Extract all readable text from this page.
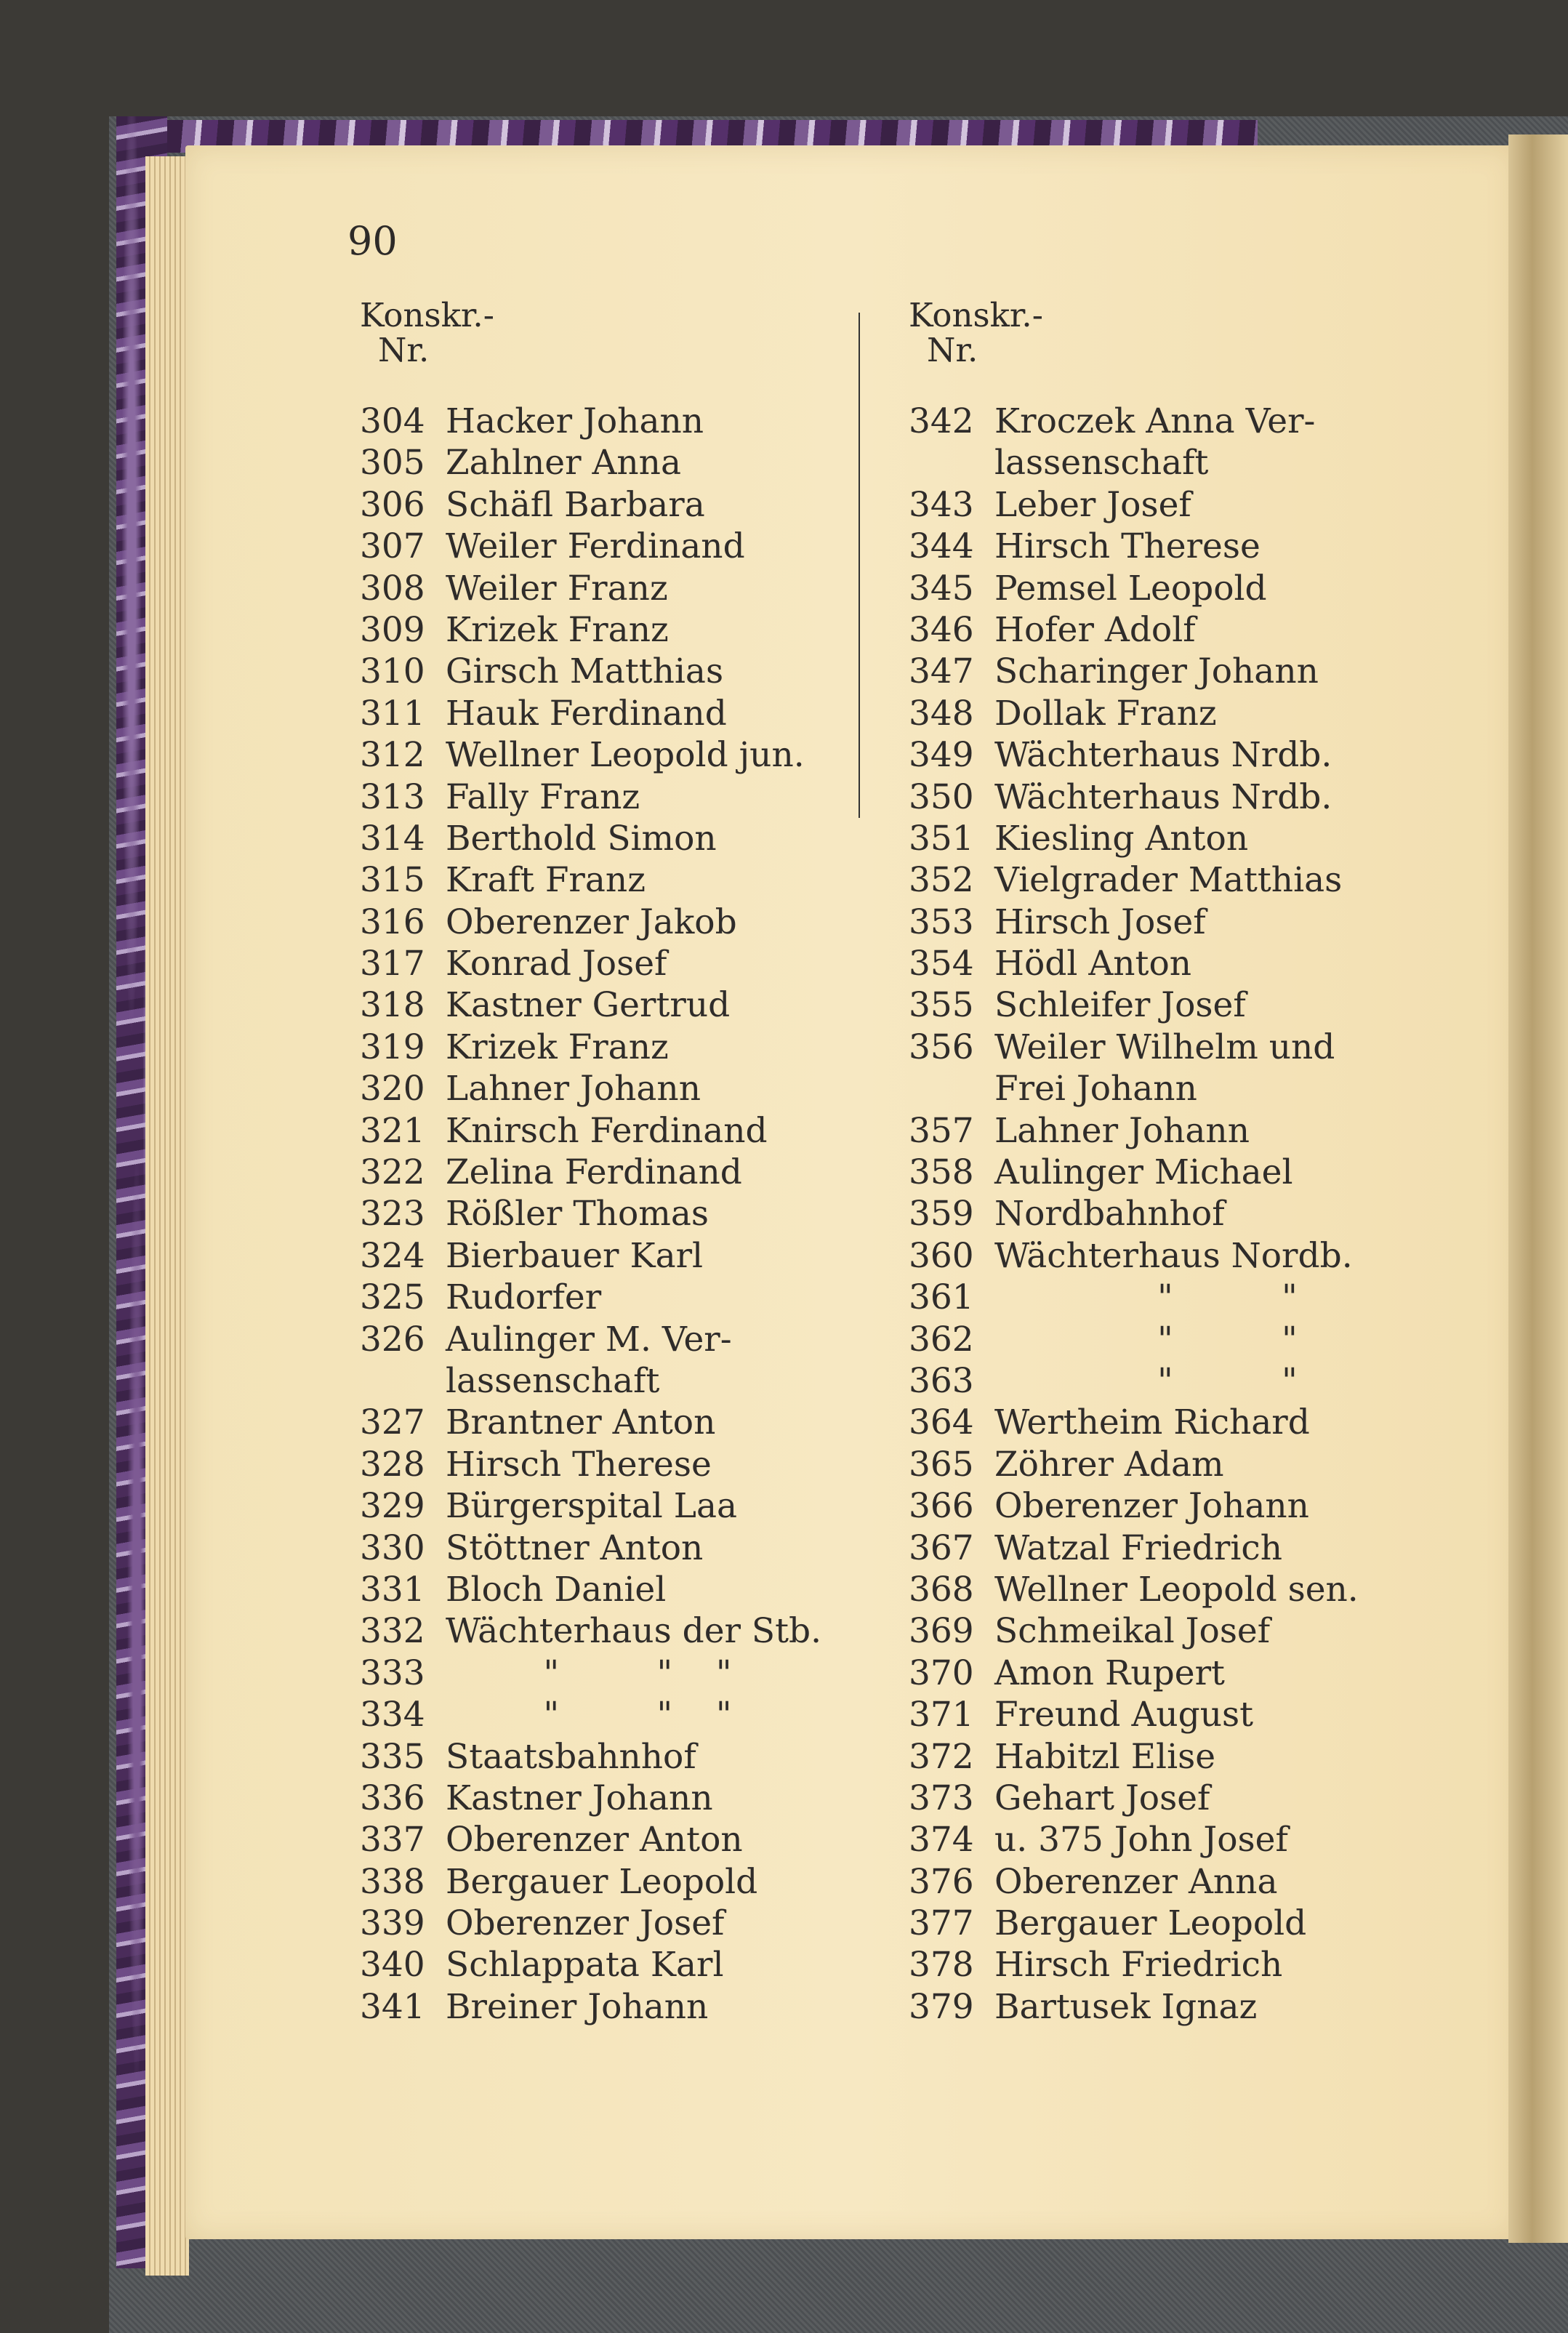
90
Konskr.-
Nr.
304 Hacker Johann
305 Zahlner Anna
306 Schäfl Barbara
307 Weiler Ferdinand
308 Weiler Franz
309 Krizek Franz
310 Girsch Matthias
311 Hauk Ferdinand
312 Wellner Leopold jun.
313 Fally Franz
314 Berthold Simon
315 Kraft Franz
316 Oberenzer Jakob
317 Konrad Josef
318 Kastner Gertrud
319 Krizek Franz
320 Lahner Johann
321 Knirsch Ferdinand
322 Zelina Ferdinand
323 Rößler Thomas
324 Bierbauer Karl
325 Rudorfer
326 Aulinger M. Ver-
lassenschaft
327 Brantner Anton
328 Hirsch Therese
329 Bürgerspital Laa
330 Stöttner Anton
331 Bloch Daniel
332 Wächterhaus der Stb.
333 "         "    "
334 "         "    "
335 Staatsbahnhof
336 Kastner Johann
337 Oberenzer Anton
338 Bergauer Leopold
339 Oberenzer Josef
340 Schlappata Karl
341 Breiner Johann
Konskr.-
Nr.
342 Kroczek Anna Ver-
lassenschaft
343 Leber Josef
344 Hirsch Therese
345 Pemsel Leopold
346 Hofer Adolf
347 Scharinger Johann
348 Dollak Franz
349 Wächterhaus Nrdb.
350 Wächterhaus Nrdb.
351 Kiesling Anton
352 Vielgrader Matthias
353 Hirsch Josef
354 Hödl Anton
355 Schleifer Josef
356 Weiler Wilhelm und
Frei Johann
357 Lahner Johann
358 Aulinger Michael
359 Nordbahnhof
360 Wächterhaus Nordb.
361 "          "
362 "          "
363 "          "
364 Wertheim Richard
365 Zöhrer Adam
366 Oberenzer Johann
367 Watzal Friedrich
368 Wellner Leopold sen.
369 Schmeikal Josef
370 Amon Rupert
371 Freund August
372 Habitzl Elise
373 Gehart Josef
374 u. 375 John Josef
376 Oberenzer Anna
377 Bergauer Leopold
378 Hirsch Friedrich
379 Bartusek Ignaz
